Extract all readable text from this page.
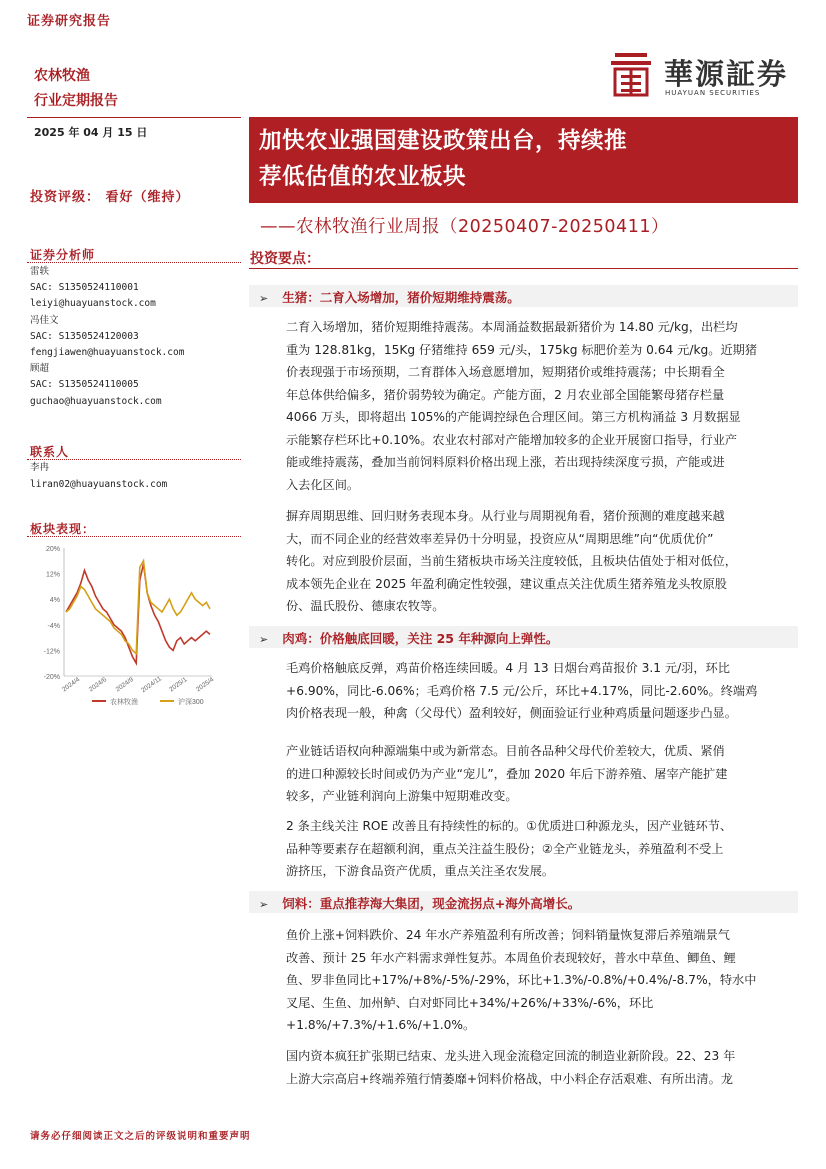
证券研究报告
农林牧渔
行业定期报告
華源証券
HUAYUAN SECURITIES
2025 年 04 月 15 日
投资评级： 看好（维持）
证券分析师
雷轶
SAC: S1350524110001
leiyi@huayuanstock.com
冯佳文
SAC: S1350524120003
fengjiawen@huayuanstock.com
顾超
SAC: S1350524110005
guchao@huayuanstock.com
联系人
李冉
liran02@huayuanstock.com
板块表现：
20%
12%
4%
-4%
-12%
-20% 2024/4 2024/6 2024/9 2024/11 2025/1 2025/4
农林牧渔	沪深300
加快农业强国建设政策出台，持续推
荐低估值的农业板块
——农林牧渔行业周报（20250407-20250411）
投资要点：
➢ 生猪：二育入场增加，猪价短期维持震荡。
二育入场增加，猪价短期维持震荡。本周涌益数据最新猪价为 14.80 元/kg，出栏均
重为 128.81kg，15Kg 仔猪维持 659 元/头，175kg 标肥价差为 0.64 元/kg。近期猪
价表现强于市场预期，二育群体入场意愿增加，短期猪价或维持震荡；中长期看全
年总体供给偏多，猪价弱势较为确定。产能方面，2 月农业部全国能繁母猪存栏量
4066 万头，即将超出 105%的产能调控绿色合理区间。第三方机构涌益 3 月数据显
示能繁存栏环比+0.10%。农业农村部对产能增加较多的企业开展窗口指导，行业产
能或维持震荡，叠加当前饲料原料价格出现上涨，若出现持续深度亏损，产能或进
入去化区间。
摒弃周期思维、回归财务表现本身。从行业与周期视角看，猪价预测的难度越来越
大，而不同企业的经营效率差异仍十分明显，投资应从“周期思维”向“优质优价”
转化。对应到股价层面，当前生猪板块市场关注度较低，且板块估值处于相对低位，
成本领先企业在 2025 年盈利确定性较强，建议重点关注优质生猪养殖龙头牧原股
份、温氏股份、德康农牧等。
➢ 肉鸡：价格触底回暖，关注 25 年种源向上弹性。
毛鸡价格触底反弹，鸡苗价格连续回暖。4 月 13 日烟台鸡苗报价 3.1 元/羽，环比
+6.90%，同比-6.06%；毛鸡价格 7.5 元/公斤，环比+4.17%，同比-2.60%。终端鸡
肉价格表现一般，种禽（父母代）盈利较好，侧面验证行业种鸡质量问题逐步凸显。
产业链话语权向种源端集中或为新常态。目前各品种父母代价差较大，优质、紧俏
的进口种源较长时间或仍为产业“宠儿”，叠加 2020 年后下游养殖、屠宰产能扩建
较多，产业链利润向上游集中短期难改变。
2 条主线关注 ROE 改善且有持续性的标的。①优质进口种源龙头，因产业链环节、
品种等要素存在超额利润，重点关注益生股份；②全产业链龙头，养殖盈利不受上
游挤压，下游食品资产优质，重点关注圣农发展。
➢ 饲料：重点推荐海大集团，现金流拐点+海外高增长。
鱼价上涨+饲料跌价、24 年水产养殖盈利有所改善；饲料销量恢复滞后养殖端景气
改善、预计 25 年水产料需求弹性复苏。本周鱼价表现较好，普水中草鱼、鲫鱼、鲤
鱼、罗非鱼同比+17%/+8%/-5%/-29%，环比+1.3%/-0.8%/+0.4%/-8.7%，特水中
叉尾、生鱼、加州鲈、白对虾同比+34%/+26%/+33%/-6%，环比
+1.8%/+7.3%/+1.6%/+1.0%。
国内资本疯狂扩张期已结束、龙头进入现金流稳定回流的制造业新阶段。22、23 年
上游大宗高启+终端养殖行情萎靡+饲料价格战，中小料企存活艰难、有所出清。龙
请务必仔细阅读正文之后的评级说明和重要声明
